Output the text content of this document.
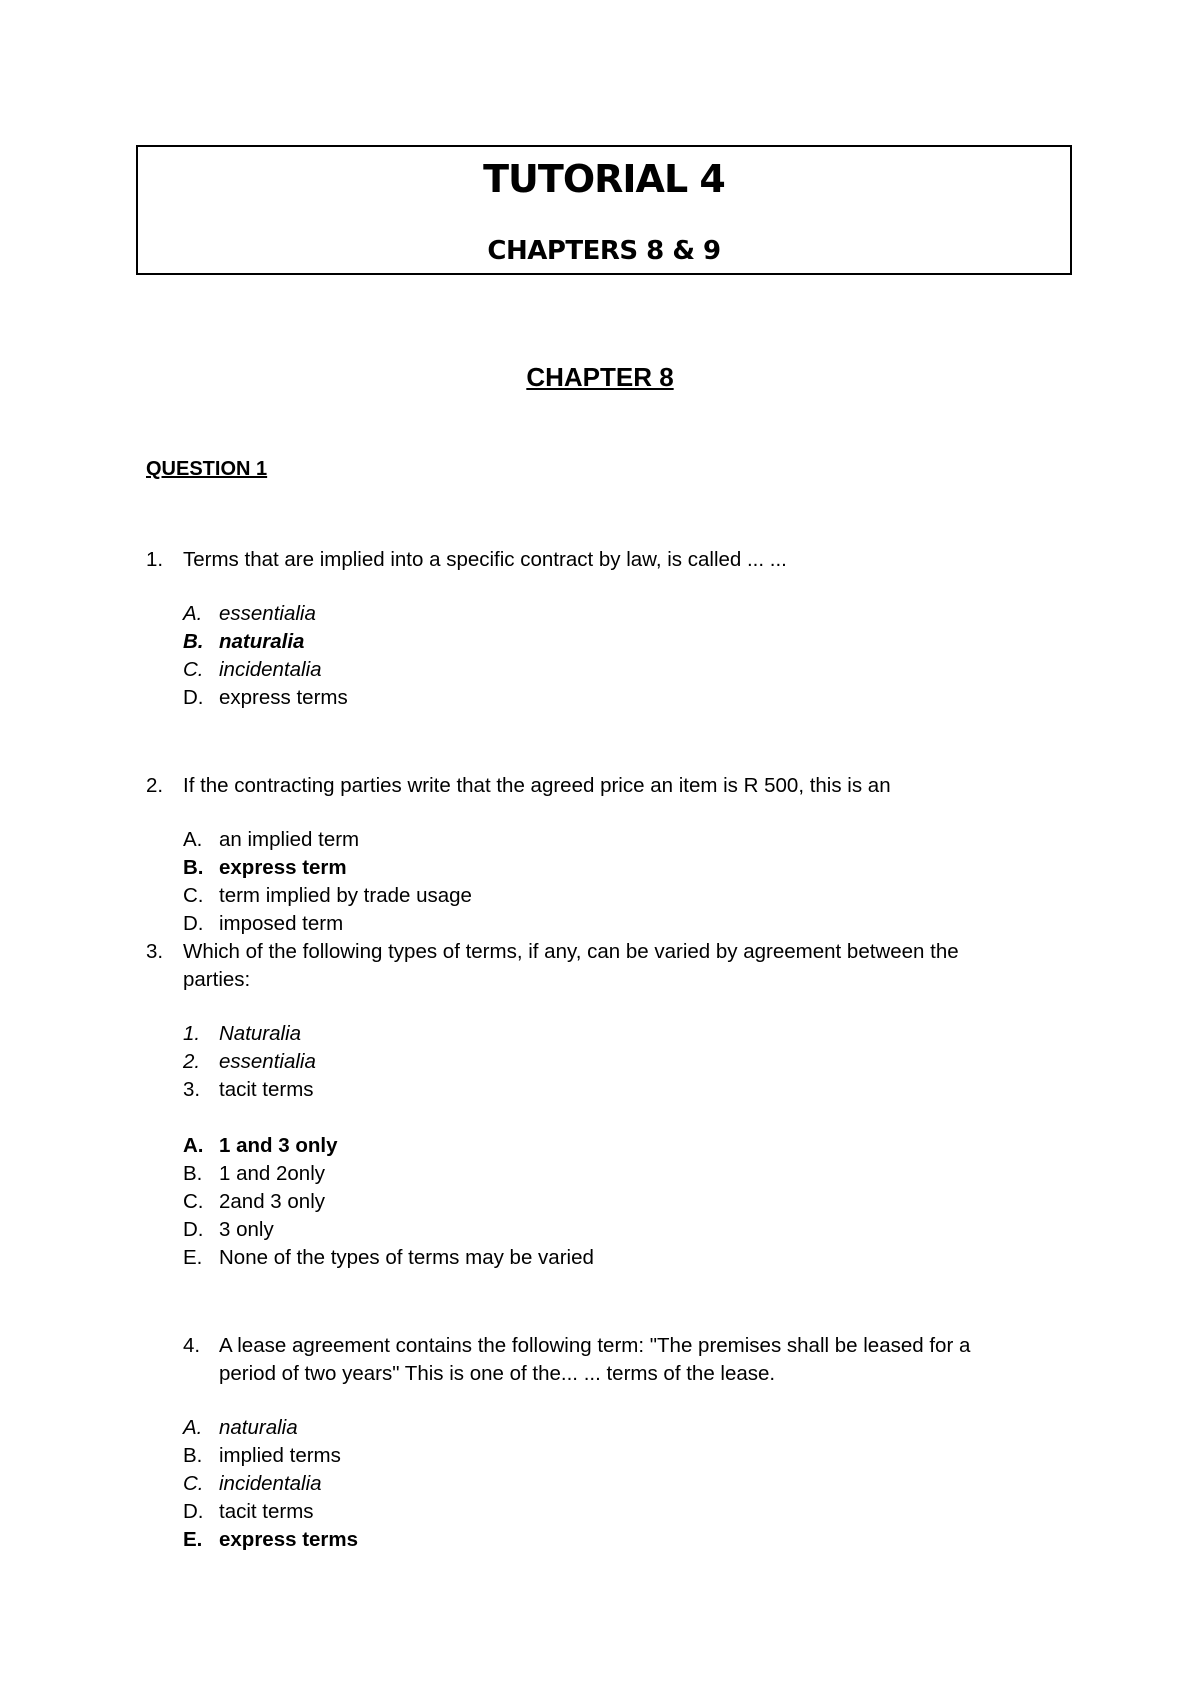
TUTORIAL 4
CHAPTERS 8 & 9
CHAPTER 8
QUESTION 1
1. Terms that are implied into a specific contract by law, is called ... ...
A. essentialia
B. naturalia
C. incidentalia
D. express terms
2. If the contracting parties write that the agreed price an item is R 500, this is an
A. an implied term
B. express term
C. term implied by trade usage
D. imposed term
3. Which of the following types of terms, if any, can be varied by agreement between the
parties:
1. Naturalia
2. essentialia
3. tacit terms
A. 1 and 3 only
B. 1 and 2only
C. 2and 3 only
D. 3 only
E. None of the types of terms may be varied
4. A lease agreement contains the following term: "The premises shall be leased for a
period of two years" This is one of the... ... terms of the lease.
A. naturalia
B. implied terms
C. incidentalia
D. tacit terms
E. express terms
